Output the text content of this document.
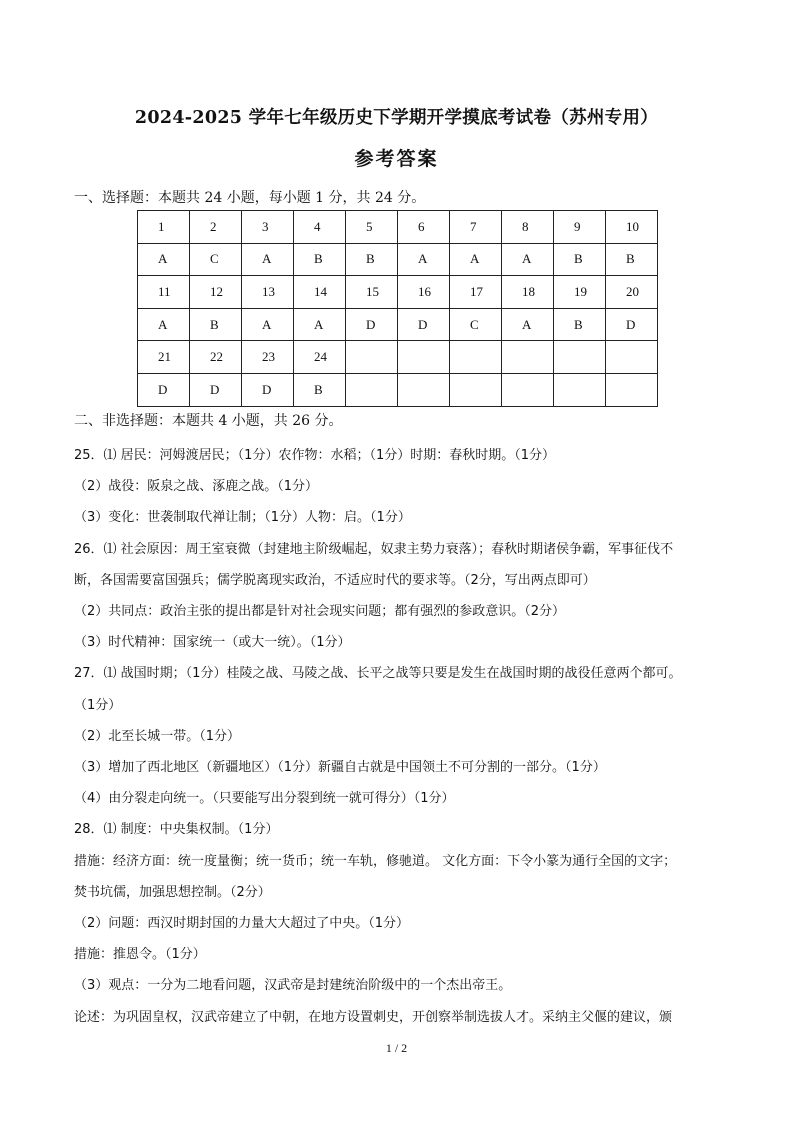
2024-2025 学年七年级历史下学期开学摸底考试卷（苏州专用）
参考答案
一、选择题：本题共 24 小题，每小题 1 分，共 24 分。
1	2	3	4	5	6	7	8	9	10
A	C	A	B	B	A	A	A	B	B
11	12	13	14	15	16	17	18	19	20
A	B	A	A	D	D	C	A	B	D
21	22	23	24						
D	D	D	B						
二、非选择题：本题共 4 小题，共 26 分。
25．⑴ 居民：河姆渡居民；（1分）农作物：水稻；（1分）时期：春秋时期。（1分）
（2）战役：阪泉之战、涿鹿之战。（1分）
（3）变化：世袭制取代禅让制；（1分）人物：启。（1分）
26．⑴ 社会原因：周王室衰微（封建地主阶级崛起，奴隶主势力衰落）；春秋时期诸侯争霸，军事征伐不
断，各国需要富国强兵；儒学脱离现实政治，不适应时代的要求等。（2分，写出两点即可）
（2）共同点：政治主张的提出都是针对社会现实问题；都有强烈的参政意识。（2分）
（3）时代精神：国家统一（或大一统）。（1分）
27．⑴ 战国时期；（1分）桂陵之战、马陵之战、长平之战等只要是发生在战国时期的战役任意两个都可。
（1分）
（2）北至长城一带。（1分）
（3）增加了西北地区（新疆地区）（1分）新疆自古就是中国领土不可分割的一部分。（1分）
（4）由分裂走向统一。（只要能写出分裂到统一就可得分）（1分）
28．⑴ 制度：中央集权制。（1分）
措施：经济方面：统一度量衡；统一货币；统一车轨，修驰道。 文化方面：下令小篆为通行全国的文字；
焚书坑儒，加强思想控制。（2分）
（2）问题：西汉时期封国的力量大大超过了中央。（1分）
措施：推恩令。（1分）
（3）观点：一分为二地看问题，汉武帝是封建统治阶级中的一个杰出帝王。
论述：为巩固皇权，汉武帝建立了中朝，在地方设置刺史，开创察举制选拔人才。采纳主父偃的建议，颁
1 / 2
